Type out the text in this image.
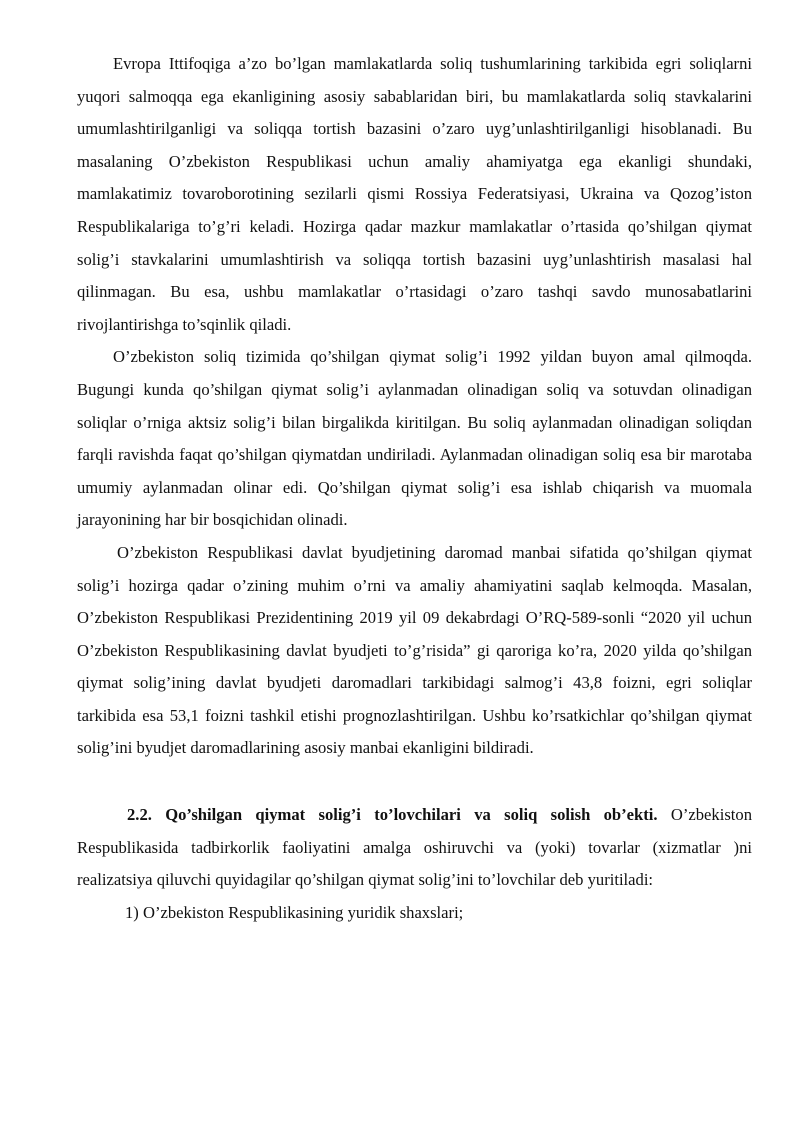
Evropa Ittifoqiga a’zo bo’lgan mamlakatlarda soliq tushumlarining tarkibida egri soliqlarni yuqori salmoqqa ega ekanligining asosiy sabablaridan biri, bu mamlakatlarda soliq stavkalarini umumlashtirilganligi va soliqqa tortish bazasini o’zaro uyg’unlashtirilganligi hisoblanadi. Bu masalaning O’zbekiston Respublikasi uchun amaliy ahamiyatga ega ekanligi shundaki, mamlakatimiz tovaroborotining sezilarli qismi Rossiya Federatsiyasi, Ukraina va Qozog’iston Respublikalariga to’g’ri keladi. Hozirga qadar mazkur mamlakatlar o’rtasida qo’shilgan qiymat solig’i stavkalarini umumlashtirish va soliqqa tortish bazasini uyg’unlashtirish masalasi hal qilinmagan. Bu esa, ushbu mamlakatlar o’rtasidagi o’zaro tashqi savdo munosabatlarini rivojlantirishga to’sqinlik qiladi.

O’zbekiston soliq tizimida qo’shilgan qiymat solig’i 1992 yildan buyon amal qilmoqda. Bugungi kunda qo’shilgan qiymat solig’i aylanmadan olinadigan soliq va sotuvdan olinadigan soliqlar o’rniga aktsiz solig’i bilan birgalikda kiritilgan. Bu soliq aylanmadan olinadigan soliqdan farqli ravishda faqat qo’shilgan qiymatdan undiriladi. Aylanmadan olinadigan soliq esa bir marotaba umumiy aylanmadan olinar edi. Qo’shilgan qiymat solig’i esa ishlab chiqarish va muomala jarayonining har bir bosqichidan olinadi.

O’zbekiston Respublikasi davlat byudjetining daromad manbai sifatida qo’shilgan qiymat solig’i hozirga qadar o’zining muhim o’rni va amaliy ahamiyatini saqlab kelmoqda. Masalan, O’zbekiston Respublikasi Prezidentining 2019 yil 09 dekabrdagi O’RQ-589-sonli “2020 yil uchun O’zbekiston Respublikasining davlat byudjeti to’g’risida” gi qaroriga ko’ra, 2020 yilda qo’shilgan qiymat solig’ining davlat byudjeti daromadlari tarkibidagi salmog’i 43,8 foizni, egri soliqlar tarkibida esa 53,1 foizni tashkil etishi prognozlashtirilgan. Ushbu ko’rsatkichlar qo’shilgan qiymat solig’ini byudjet daromadlarining asosiy manbai ekanligini bildiradi.

2.2. Qo’shilgan qiymat solig’i to’lovchilari va soliq solish ob’ekti. O’zbekiston Respublikasida tadbirkorlik faoliyatini amalga oshiruvchi va (yoki) tovarlar (xizmatlar )ni realizatsiya qiluvchi quyidagilar qo’shilgan qiymat solig’ini to’lovchilar deb yuritiladi:

1) O’zbekiston Respublikasining yuridik shaxslari;
